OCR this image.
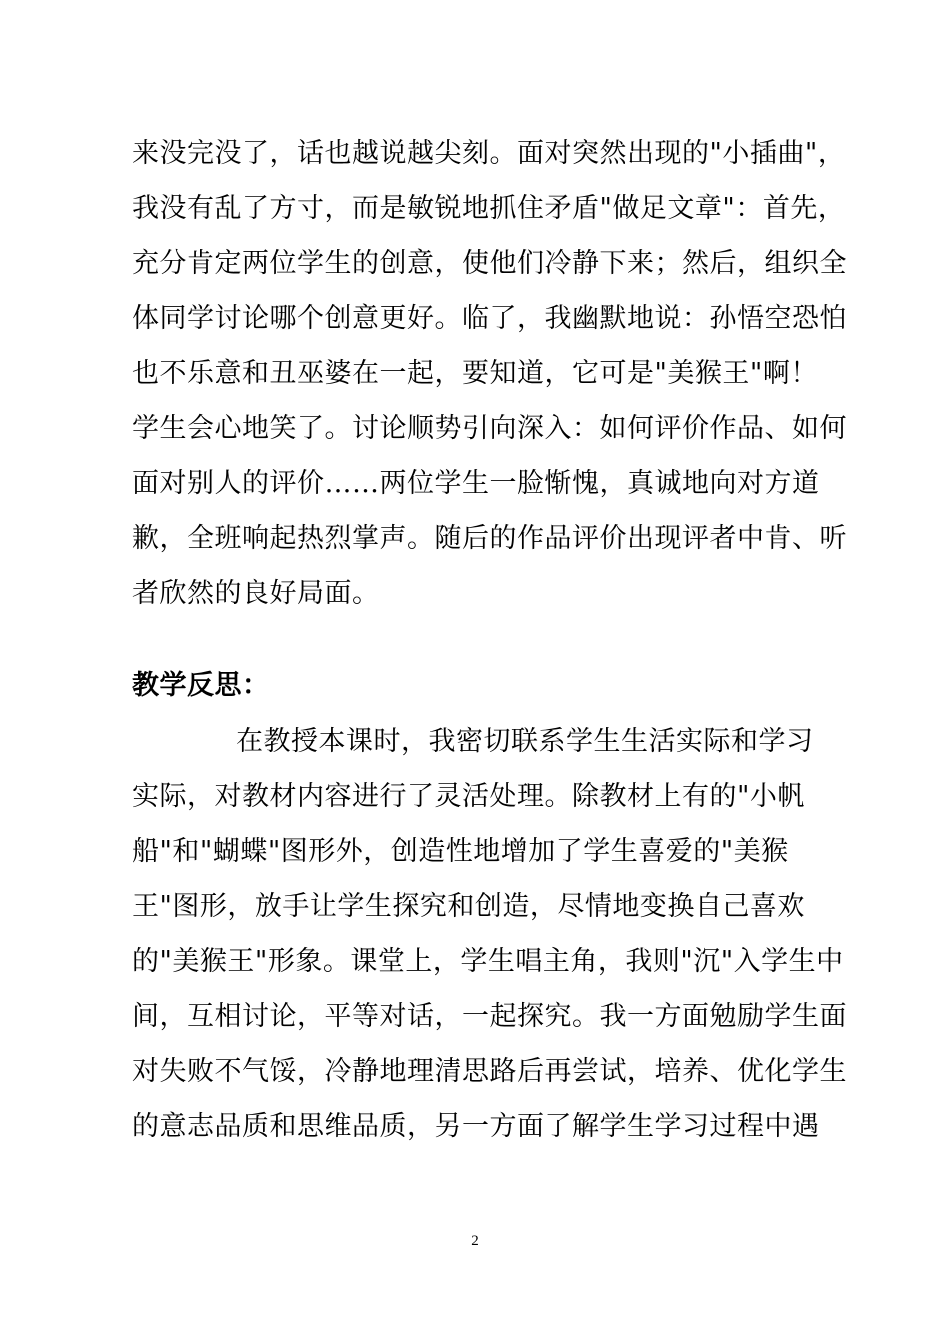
来没完没了，话也越说越尖刻。面对突然出现的"小插曲"，
我没有乱了方寸，而是敏锐地抓住矛盾"做足文章"：首先，
充分肯定两位学生的创意，使他们冷静下来；然后，组织全
体同学讨论哪个创意更好。临了，我幽默地说：孙悟空恐怕
也不乐意和丑巫婆在一起，要知道，它可是"美猴王"啊！
学生会心地笑了。讨论顺势引向深入：如何评价作品、如何
面对别人的评价……两位学生一脸惭愧，真诚地向对方道
歉，全班响起热烈掌声。随后的作品评价出现评者中肯、听
者欣然的良好局面。
教学反思：
在教授本课时，我密切联系学生生活实际和学习
实际，对教材内容进行了灵活处理。除教材上有的"小帆
船"和"蝴蝶"图形外，创造性地增加了学生喜爱的"美猴
王"图形，放手让学生探究和创造，尽情地变换自己喜欢
的"美猴王"形象。课堂上，学生唱主角，我则"沉"入学生中
间，互相讨论，平等对话，一起探究。我一方面勉励学生面
对失败不气馁，冷静地理清思路后再尝试，培养、优化学生
的意志品质和思维品质，另一方面了解学生学习过程中遇
2
